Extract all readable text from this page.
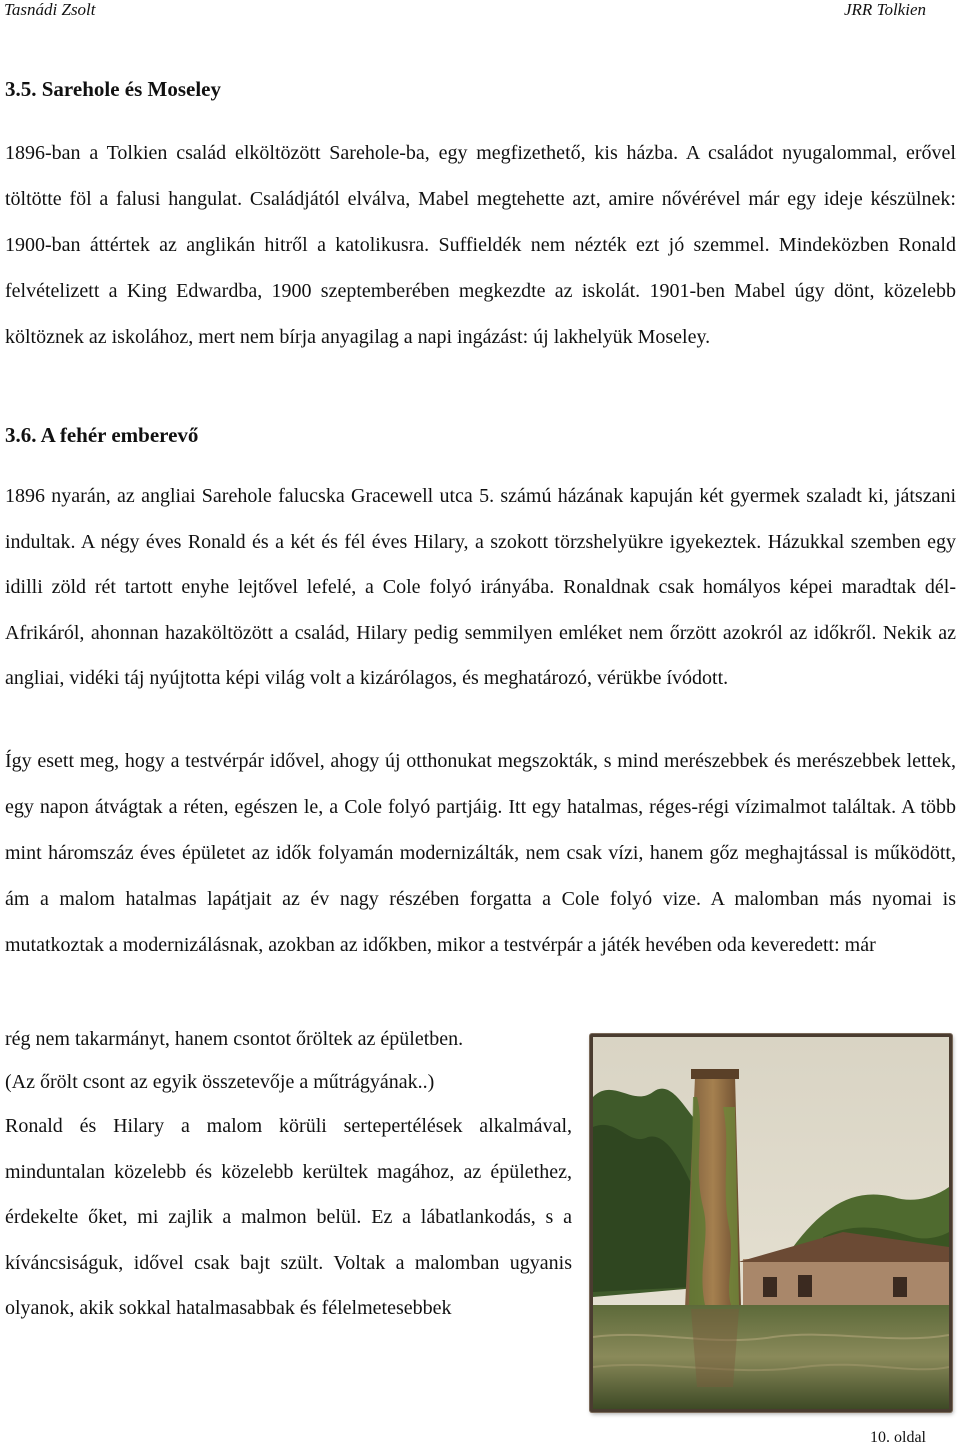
Tasnádi Zsolt	JRR Tolkien
3.5. Sarehole és Moseley

1896-ban a Tolkien család elköltözött Sarehole-ba, egy megfizethető, kis házba. A családot nyugalommal, erővel töltötte föl a falusi hangulat. Családjától elválva, Mabel megtehette azt, amire nővérével már egy ideje készülnek: 1900-ban áttértek az anglikán hitről a katolikusra. Suffieldék nem nézték ezt jó szemmel. Mindeközben Ronald felvételizett a King Edwardba, 1900 szeptemberében megkezdte az iskolát. 1901-ben Mabel úgy dönt, közelebb költöznek az iskolához, mert nem bírja anyagilag a napi ingázást: új lakhelyük Moseley.

3.6. A fehér emberevő

1896 nyarán, az angliai Sarehole falucska Gracewell utca 5. számú házának kapuján két gyermek szaladt ki, játszani indultak. A négy éves Ronald és a két és fél éves Hilary, a szokott törzshelyükre igyekeztek. Házukkal szemben egy idilli zöld rét tartott enyhe lejtővel lefelé, a Cole folyó irányába. Ronaldnak csak homályos képei maradtak dél-Afrikáról, ahonnan hazaköltözött a család, Hilary pedig semmilyen emléket nem őrzött azokról az időkről. Nekik az angliai, vidéki táj nyújtotta képi világ volt a kizárólagos, és meghatározó, vérükbe ívódott.

Így esett meg, hogy a testvérpár idővel, ahogy új otthonukat megszokták, s mind merészebbek és merészebbek lettek, egy napon átvágtak a réten, egészen le, a Cole folyó partjáig. Itt egy hatalmas, réges-régi vízimalmot találtak. A több mint háromszáz éves épületet az idők folyamán modernizálták, nem csak vízi, hanem gőz meghajtással is működött, ám a malom hatalmas lapátjait az év nagy részében forgatta a Cole folyó vize. A malomban más nyomai is mutatkoztak a modernizálásnak, azokban az időkben, mikor a testvérpár a játék hevében oda keveredett: már

rég nem takarmányt, hanem csontot őröltek az épületben.

(Az őrölt csont az egyik összetevője a műtrágyának..)

Ronald és Hilary a malom körüli sertepertélések alkalmával, minduntalan közelebb és közelebb kerültek magához, az épülethez, érdekelte őket, mi zajlik a malmon belül. Ez a lábatlankodás, s a kíváncsiságuk, idővel csak bajt szült. Voltak a malomban ugyanis olyanok, akik sokkal hatalmasabbak és félelmetesebbek

10. oldal
